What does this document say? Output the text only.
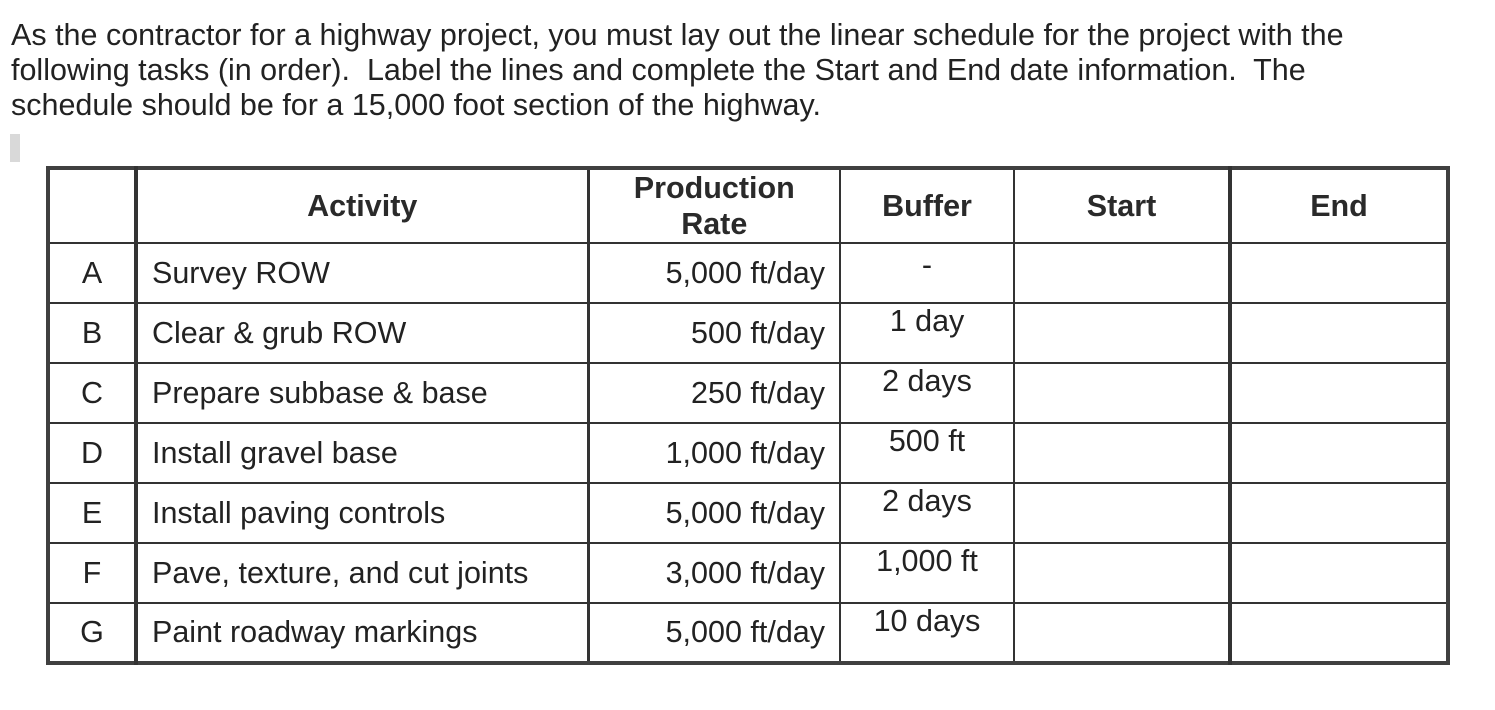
As the contractor for a highway project, you must lay out the linear schedule for the project with the
following tasks (in order).  Label the lines and complete the Start and End date information.  The
schedule should be for a 15,000 foot section of the highway.
	Activity	Production
Rate	Buffer	Start	End
A	Survey ROW	5,000 ft/day	-		
B	Clear & grub ROW	500 ft/day	1 day		
C	Prepare subbase & base	250 ft/day	2 days		
D	Install gravel base	1,000 ft/day	500 ft		
E	Install paving controls	5,000 ft/day	2 days		
F	Pave, texture, and cut joints	3,000 ft/day	1,000 ft		
G	Paint roadway markings	5,000 ft/day	10 days		
